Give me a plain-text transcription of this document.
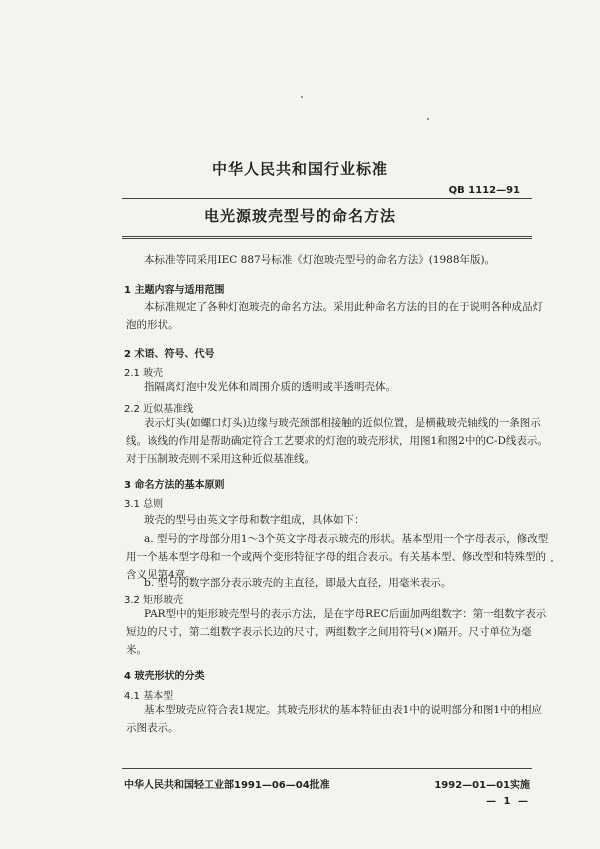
中华人民共和国行业标准
QB 1112—91
电光源玻壳型号的命名方法
本标准等同采用IEC 887号标准《灯泡玻壳型号的命名方法》(1988年版)。
1 主题内容与适用范围
本标准规定了各种灯泡玻壳的命名方法。采用此种命名方法的目的在于说明各种成品灯泡的形状。
2 术语、符号、代号
2.1 玻壳
指隔离灯泡中发光体和周围介质的透明或半透明壳体。
2.2 近似基准线
表示灯头(如螺口灯头)边缘与玻壳颈部相接触的近似位置，是横截玻壳轴线的一条图示线。该线的作用是帮助确定符合工艺要求的灯泡的玻壳形状，用图1和图2中的C-D线表示。对于压制玻壳则不采用这种近似基准线。
3 命名方法的基本原则
3.1 总则
玻壳的型号由英文字母和数字组成，具体如下：
a. 型号的字母部分用1～3个英文字母表示玻壳的形状。基本型用一个字母表示，修改型用一个基本型字母和一个或两个变形特征字母的组合表示。有关基本型、修改型和特殊型的含义见第4章。
b. 型号的数字部分表示玻壳的主直径，即最大直径，用毫米表示。
3.2 矩形玻壳
PAR型中的矩形玻壳型号的表示方法，是在字母REC后面加两组数字：第一组数字表示短边的尺寸，第二组数字表示长边的尺寸，两组数字之间用符号(×)隔开。尺寸单位为毫米。
4 玻壳形状的分类
4.1 基本型
基本型玻壳应符合表1规定。其玻壳形状的基本特征由表1中的说明部分和图1中的相应示图表示。
中华人民共和国轻工业部1991—06—04批准	1992—01—01实施
— 1 —
